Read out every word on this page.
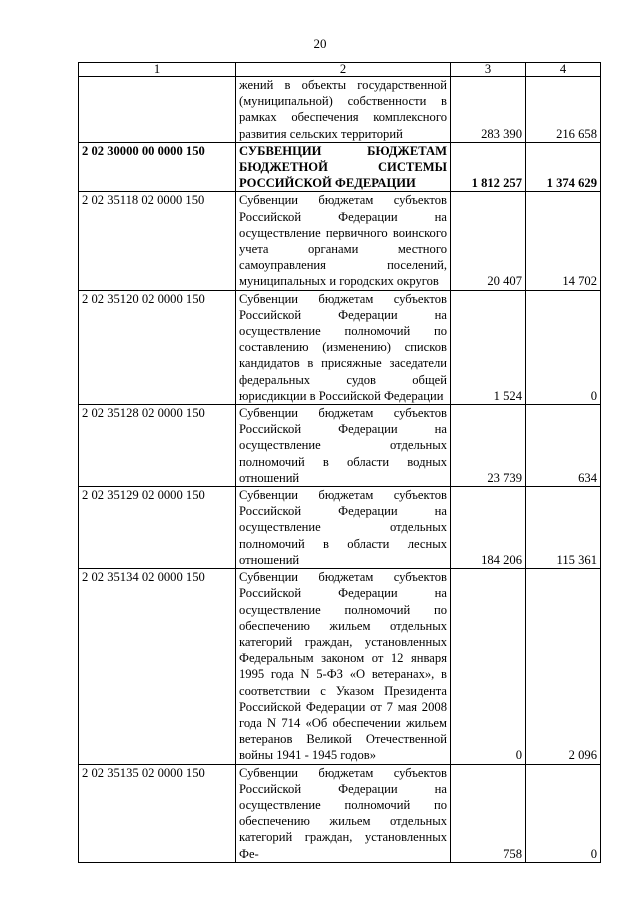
20
1	2	3	4
	жений в объекты государственной (муниципальной) собственности в рамках обеспечения комплексного развития сельских территорий	283 390	216 658
2 02 30000 00 0000 150	СУБВЕНЦИИ БЮДЖЕТАМ БЮДЖЕТНОЙ СИСТЕМЫ РОССИЙСКОЙ ФЕДЕРАЦИИ	1 812 257	1 374 629
2 02 35118 02 0000 150	Субвенции бюджетам субъектов Российской Федерации на осуществление первичного воинского учета органами местного самоуправления поселений, муниципальных и городских округов	20 407	14 702
2 02 35120 02 0000 150	Субвенции бюджетам субъектов Российской Федерации на осуществление полномочий по составлению (изменению) списков кандидатов в присяжные заседатели федеральных судов общей юрисдикции в Российской Федерации	1 524	0
2 02 35128 02 0000 150	Субвенции бюджетам субъектов Российской Федерации на осуществление отдельных полномочий в области водных отношений	23 739	634
2 02 35129 02 0000 150	Субвенции бюджетам субъектов Российской Федерации на осуществление отдельных полномочий в области лесных отношений	184 206	115 361
2 02 35134 02 0000 150	Субвенции бюджетам субъектов Российской Федерации на осуществление полномочий по обеспечению жильем отдельных категорий граждан, установленных Федеральным законом от 12 января 1995 года N 5-ФЗ «О ветеранах», в соответствии с Указом Президента Российской Федерации от 7 мая 2008 года N 714 «Об обеспечении жильем ветеранов Великой Отечественной войны 1941 - 1945 годов»	0	2 096
2 02 35135 02 0000 150	Субвенции бюджетам субъектов Российской Федерации на осуществление полномочий по обеспечению жильем отдельных категорий граждан, установленных Фе-	758	0
